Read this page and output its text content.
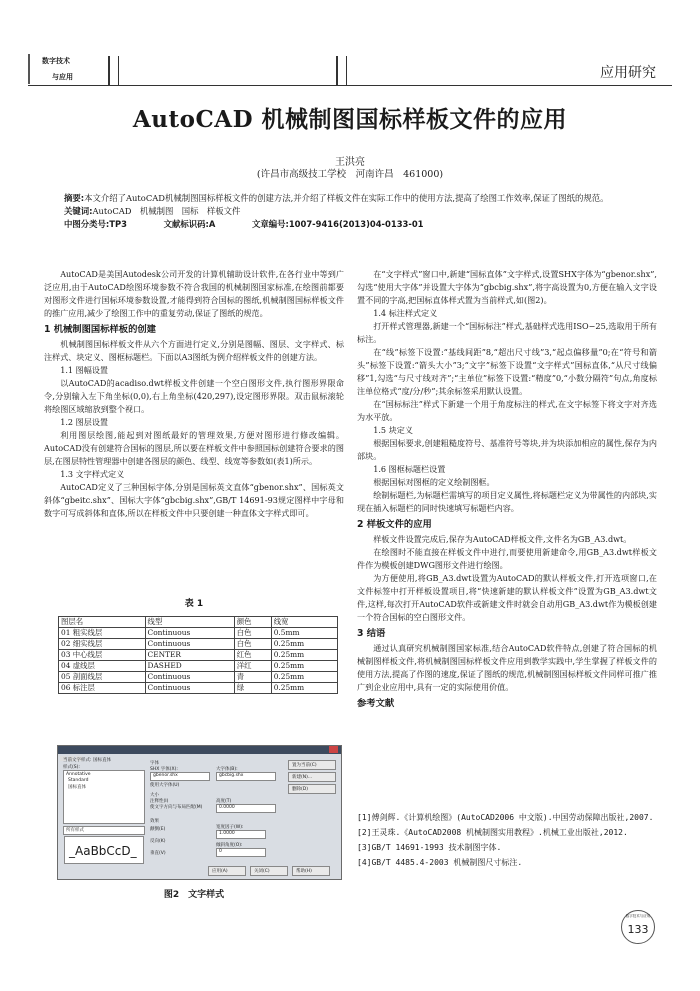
数字技术
与应用	应用研究
AutoCAD 机械制图国标样板文件的应用
王洪亮
(许昌市高级技工学校　河南许昌　461000)
摘要:本文介绍了AutoCAD机械制图国标样板文件的创建方法,并介绍了样板文件在实际工作中的使用方法,提高了绘图工作效率,保证了图纸的规范。
关键词:AutoCAD　机械制图　国标　样板文件
中图分类号:TP3	文献标识码:A	文章编号:1007-9416(2013)04-0133-01

AutoCAD是美国Autodesk公司开发的计算机辅助设计软件,在各行业中等到广泛应用,由于AutoCAD绘图环境参数不符合我国的机械制图国家标准,在绘图前都要对图形文件进行国标环境参数设置,才能得到符合国标的图纸,机械制图国标样板文件的推广应用,减少了绘图工作中的重复劳动,保证了图纸的规范。

1 机械制图国标样板的创建

机械制图国标样板文件从六个方面进行定义,分别是图幅、图层、文字样式、标注样式、块定义、图框标题栏。下面以A3图纸为例介绍样板文件的创建方法。

1.1 图幅设置

以AutoCAD的acadiso.dwt样板文件创建一个空白图形文件,执行图形界限命令,分别输入左下角坐标(0,0),右上角坐标(420,297),设定图形界限。双击鼠标滚轮将绘图区域缩放到整个视口。

1.2 图层设置

利用图层绘图,能起到对图纸最好的管理效果,方便对图形进行修改编辑。AutoCAD没有创建符合国标的图层,所以要在样板文件中参照国标创建符合要求的图层,在图层特性管理器中创建各图层的颜色、线型、线宽等参数如(表1)所示。

1.3 文字样式定义

AutoCAD定义了三种国标字体,分别是国标英文直体“gbenor.shx”、国标英文斜体“gbeitc.shx”、国标大字体“gbcbig.shx”,GB/T 14691-93规定图样中字母和数字可写成斜体和直体,所以在样板文件中只要创建一种直体文字样式即可。

表 1
图层名	线型	颜色	线宽
01 粗实线层	Continuous	白色	0.5mm
02 细实线层	Continuous	白色	0.25mm
03 中心线层	CENTER	红色	0.25mm
04 虚线层	DASHED	洋红	0.25mm
05 剖面线层	Continuous	青	0.25mm
06 标注层	Continuous	绿	0.25mm
当前文字样式: 国标直体
样式(S):
Annotative
Standard
国标直体
所有样式
_AaBbCcD_
字体
SHX 字体(X):
gbenor.shx
大字体(B):
gbcbig.shx
使用大字体(U)
大小
注释性(I)
使文字方向与布局匹配(M)
高度(T)
0.0000
效果
颠倒(E)
反向(K)
垂直(V)
宽度因子(W):
1.0000
倾斜角度(O):
0
置为当前(C)
新建(N)...
删除(D)
应用(A)	关闭(C)	帮助(H)
图2　文字样式

在“文字样式”窗口中,新建“国标直体”文字样式,设置SHX字体为“gbenor.shx”,勾选“使用大字体”并设置大字体为“gbcbig.shx”,将字高设置为0,方便在输入文字设置不同的字高,把国标直体样式置为当前样式,如(图2)。

1.4 标注样式定义

打开样式管理器,新建一个“国标标注”样式,基础样式选用ISO−25,选取用于所有标注。

在“线”标签下设置:“基线间距”8,“超出尺寸线”3,“起点偏移量”0;在“符号和箭头”标签下设置:“箭头大小”3;“文字”标签下设置“文字样式”国标直体,“从尺寸线偏移”1,勾选“与尺寸线对齐”;“主单位”标签下设置:“精度”0,“小数分隔符”句点,角度标注单位格式“度/分/秒”;其余标签采用默认设置。

在“国标标注”样式下新建一个用于角度标注的样式,在文字标签下将文字对齐选为水平放。

1.5 块定义

根据国标要求,创建粗糙度符号、基准符号等块,并为块添加相应的属性,保存为内部块。

1.6 图框标题栏设置

根据国标对图框的定义绘制图框。

绘制标题栏,为标题栏需填写的项目定义属性,将标题栏定义为带属性的内部块,实现在插入标题栏的同时快速填写标题栏内容。

2 样板文件的应用

样板文件设置完成后,保存为AutoCAD样板文件,文件名为GB_A3.dwt。

在绘图时不能直接在样板文件中进行,而要使用新建命令,用GB_A3.dwt样板文件作为模板创建DWG图形文件进行绘图。

为方便使用,将GB_A3.dwt设置为AutoCAD的默认样板文件,打开选项窗口,在文件标签中打开样板设置项目,将“快速新建的默认样板文件”设置为GB_A3.dwt文件,这样,每次打开AutoCAD软件或新建文件时就会自动用GB_A3.dwt作为模板创建一个符合国标的空白图形文件。

3 结语

通过认真研究机械制图国家标准,结合AutoCAD软件特点,创建了符合国标的机械制图样板文件,将机械制图国标样板文件应用到教学实践中,学生掌握了样板文件的使用方法,提高了作图的速度,保证了图纸的规范,机械制图国标样板文件同样可推广推广到企业应用中,具有一定的实际使用价值。

参考文献
[1]傅剑辉.《计算机绘图》(AutoCAD2006 中文版).中国劳动保障出版社,2007.
[2]王灵珠.《AutoCAD2008 机械制图实用教程》.机械工业出版社,2012.
[3]GB/T 14691-1993 技术制图字体.
[4]GB/T 4485.4-2003 机械制图尺寸标注.
数字技术与应用
133
